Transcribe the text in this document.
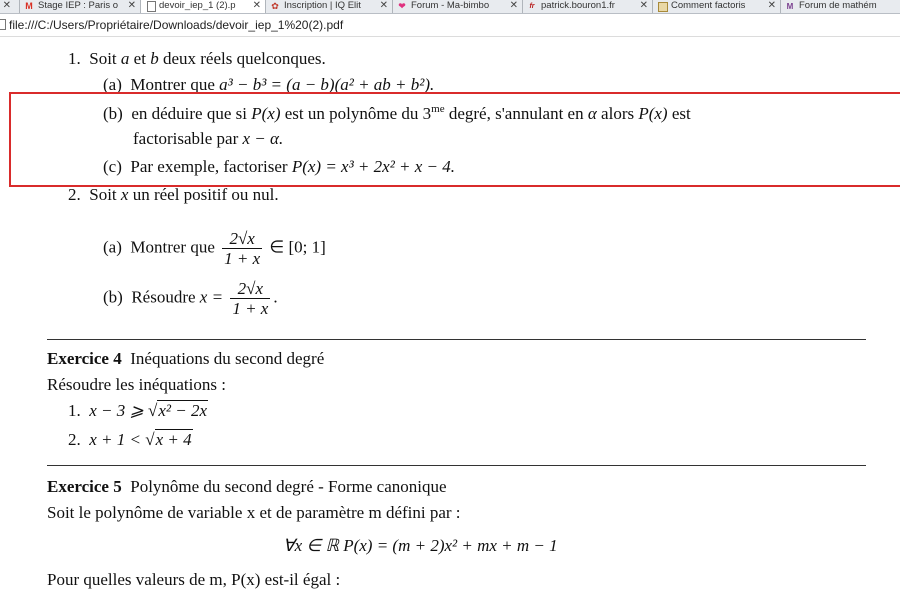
✕ M Stage IEP : Paris o ✕ devoir_iep_1 (2).p	✕ ✿ Inscription | IQ Elit	✕ ❤ Forum - Ma-bimbo	✕	fr patrick.bouron1.fr	✕ Comment factoris	✕ M Forum de mathém
file:///C:/Users/Propriétaire/Downloads/devoir_iep_1%20(2).pdf
1. Soit a et b deux réels quelconques.
(a) Montrer que a³ − b³ = (a − b)(a² + ab + b²).
(b) en déduire que si P(x) est un polynôme du $3^{me}$ degré, s'annulant en α alors P(x) est
factorisable par x − α.
(c) Par exemple, factoriser P(x) = x³ + 2x² + x − 4.
2. Soit x un réel positif ou nul.
(a) Montrer que $\frac{2√x}{1 + x}$ ∈ [0; 1]
(b) Résoudre $x = \frac{2√x}{1 + x}$ .
Exercice 4 Inéquations du second degré
Résoudre les inéquations :
1. x − 3 ⩾ √x² − 2x
2. x + 1 < √x + 4
Exercice 5 Polynôme du second degré - Forme canonique
Soit le polynôme de variable x et de paramètre m défini par :
∀x ∈ ℝ P(x) = (m + 2)x² + mx + m − 1
Pour quelles valeurs de m, P(x) est-il égal :
